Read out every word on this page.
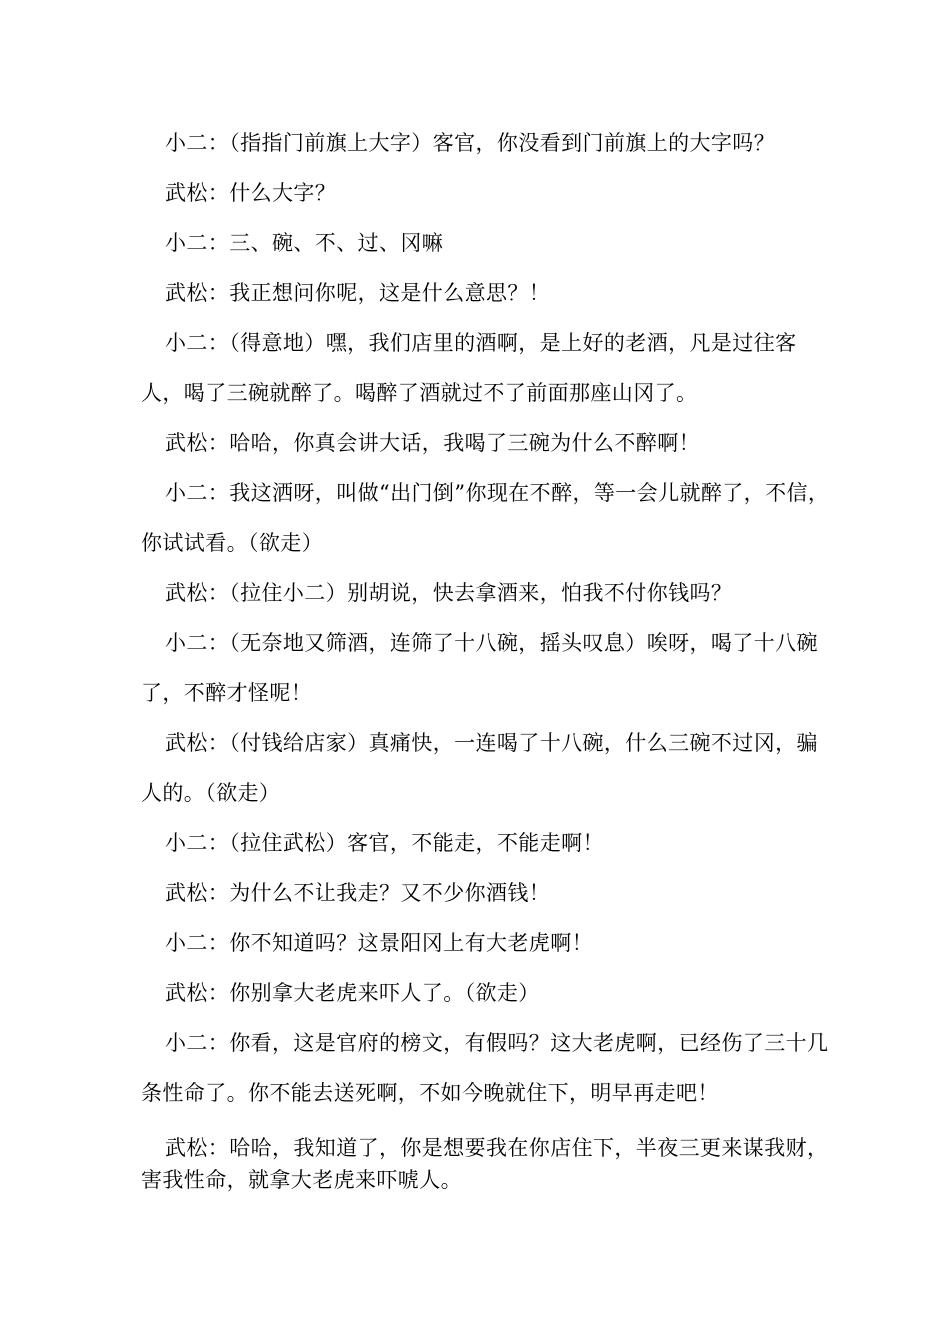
小二：（指指门前旗上大字）客官，你没看到门前旗上的大字吗？

武松：什么大字？

小二：三、碗、不、过、冈嘛

武松：我正想问你呢，这是什么意思？！

小二：（得意地）嘿，我们店里的酒啊，是上好的老酒，凡是过往客人，喝了三碗就醉了。喝醉了酒就过不了前面那座山冈了。

武松：哈哈，你真会讲大话，我喝了三碗为什么不醉啊！

小二：我这洒呀，叫做“出门倒”你现在不醉，等一会儿就醉了，不信，你试试看。（欲走）

武松：（拉住小二）别胡说，快去拿酒来，怕我不付你钱吗？

小二：（无奈地又筛酒，连筛了十八碗，摇头叹息）唉呀，喝了十八碗了，不醉才怪呢！

武松：（付钱给店家）真痛快，一连喝了十八碗，什么三碗不过冈，骗人的。（欲走）

小二：（拉住武松）客官，不能走，不能走啊！

武松：为什么不让我走？又不少你酒钱！

小二：你不知道吗？这景阳冈上有大老虎啊！

武松：你别拿大老虎来吓人了。（欲走）

小二：你看，这是官府的榜文，有假吗？这大老虎啊，已经伤了三十几条性命了。你不能去送死啊，不如今晚就住下，明早再走吧！

武松：哈哈，我知道了，你是想要我在你店住下，半夜三更来谋我财，害我性命，就拿大老虎来吓唬人。
